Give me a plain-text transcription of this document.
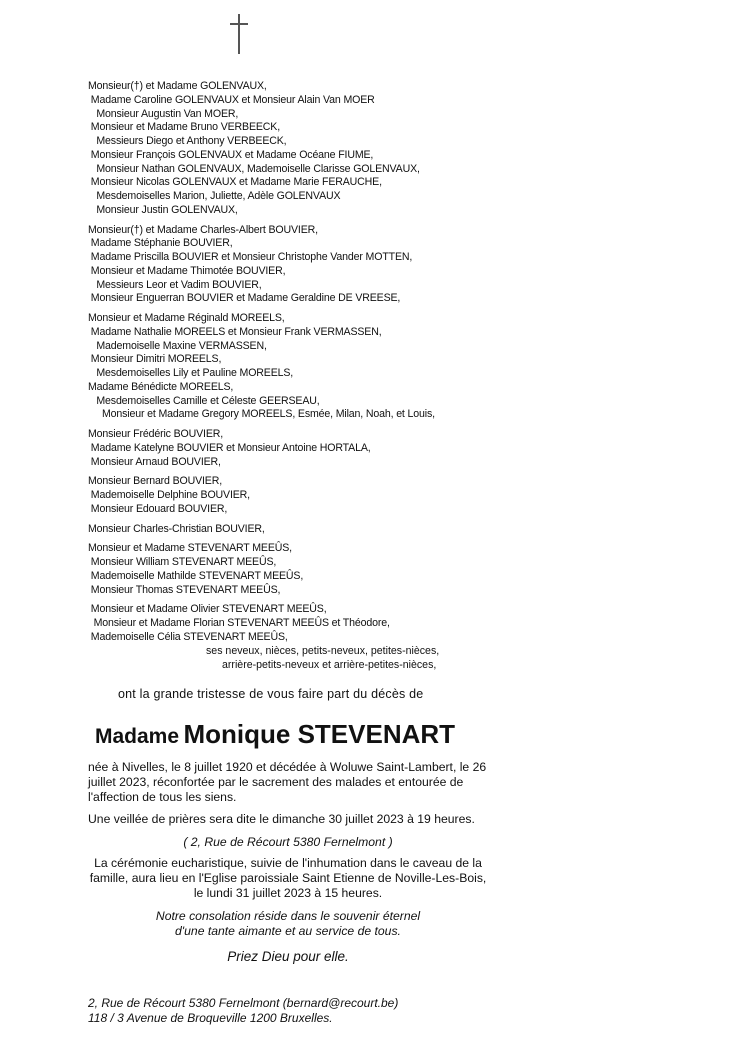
Monsieur(†) et Madame GOLENVAUX,
Madame Caroline GOLENVAUX et Monsieur Alain Van MOER
Monsieur Augustin Van MOER,
Monsieur et Madame Bruno VERBEECK,
Messieurs Diego et Anthony VERBEECK,
Monsieur François GOLENVAUX et Madame Océane FIUME,
Monsieur Nathan GOLENVAUX, Mademoiselle Clarisse GOLENVAUX,
Monsieur Nicolas GOLENVAUX et Madame Marie FERAUCHE,
Mesdemoiselles Marion, Juliette, Adèle GOLENVAUX
Monsieur Justin GOLENVAUX,
Monsieur(†) et Madame Charles-Albert BOUVIER,
Madame Stéphanie BOUVIER,
Madame Priscilla BOUVIER et Monsieur Christophe Vander MOTTEN,
Monsieur et Madame Thimotée BOUVIER,
Messieurs Leor et Vadim BOUVIER,
Monsieur Enguerran BOUVIER et Madame Geraldine DE VREESE,
Monsieur et Madame Réginald MOREELS,
Madame Nathalie MOREELS et Monsieur Frank VERMASSEN,
Mademoiselle Maxine VERMASSEN,
Monsieur Dimitri MOREELS,
Mesdemoiselles Lily et Pauline MOREELS,
Madame Bénédicte MOREELS,
Mesdemoiselles Camille et Céleste GEERSEAU,
Monsieur et Madame Gregory MOREELS, Esmée, Milan, Noah, et Louis,
Monsieur Frédéric BOUVIER,
Madame Katelyne BOUVIER et Monsieur Antoine HORTALA,
Monsieur Arnaud BOUVIER,
Monsieur Bernard BOUVIER,
Mademoiselle Delphine BOUVIER,
Monsieur Edouard BOUVIER,
Monsieur Charles-Christian BOUVIER,
Monsieur et Madame STEVENART MEEÛS,
Monsieur William STEVENART MEEÛS,
Mademoiselle Mathilde STEVENART MEEÛS,
Monsieur Thomas STEVENART MEEÛS,
Monsieur et Madame Olivier STEVENART MEEÛS,
Monsieur et Madame Florian STEVENART MEEÛS et Théodore,
Mademoiselle Célia STEVENART MEEÛS,
ses neveux, nièces, petits-neveux, petites-nièces,
arrière-petits-neveux et arrière-petites-nièces,
ont la grande tristesse de vous faire part du décès de
Madame Monique STEVENART
née à Nivelles, le 8 juillet 1920 et décédée à Woluwe Saint-Lambert, le 26 juillet 2023, réconfortée par le sacrement des malades et entourée de l'affection de tous les siens.
Une veillée de prières sera dite le dimanche 30 juillet 2023 à 19 heures.
( 2, Rue de Récourt 5380 Fernelmont )
La cérémonie eucharistique, suivie de l'inhumation dans le caveau de la
famille, aura lieu en l'Eglise paroissiale Saint Etienne de Noville-Les-Bois,
le lundi 31 juillet 2023 à 15 heures.
Notre consolation réside dans le souvenir éternel
d'une tante aimante et au service de tous.
Priez Dieu pour elle.
2, Rue de Récourt 5380 Fernelmont (bernard@recourt.be)
118 / 3 Avenue de Broqueville 1200 Bruxelles.
